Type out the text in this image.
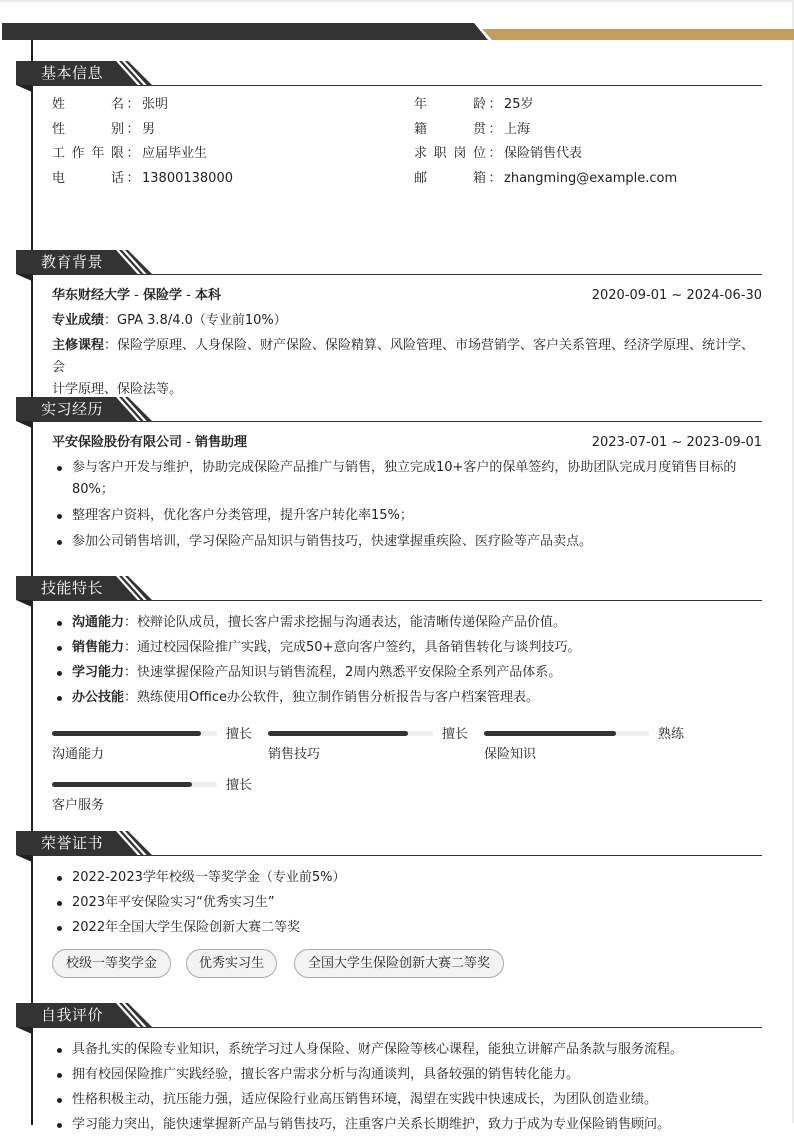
基本信息
姓名 ： 张明
性别 ： 男
工作年限 ： 应届毕业生
电话 ： 13800138000
年龄 ： 25岁
籍贯 ： 上海
求职岗位 ： 保险销售代表
邮箱 ： zhangming@example.com
教育背景
华东财经大学 - 保险学 - 本科	2020-09-01 ~ 2024-06-30
专业成绩：GPA 3.8/4.0（专业前10%）
主修课程：保险学原理、人身保险、财产保险、保险精算、风险管理、市场营销学、客户关系管理、经济学原理、统计学、会
计学原理、保险法等。
实习经历
平安保险股份有限公司 - 销售助理	2023-07-01 ~ 2023-09-01
参与客户开发与维护，协助完成保险产品推广与销售，独立完成10+客户的保单签约，协助团队完成月度销售目标的
80%；
整理客户资料，优化客户分类管理，提升客户转化率15%；
参加公司销售培训，学习保险产品知识与销售技巧，快速掌握重疾险、医疗险等产品卖点。
技能特长
沟通能力：校辩论队成员，擅长客户需求挖掘与沟通表达，能清晰传递保险产品价值。
销售能力：通过校园保险推广实践，完成50+意向客户签约，具备销售转化与谈判技巧。
学习能力：快速掌握保险产品知识与销售流程，2周内熟悉平安保险全系列产品体系。
办公技能：熟练使用Office办公软件，独立制作销售分析报告与客户档案管理表。
擅长
沟通能力
擅长
销售技巧
熟练
保险知识
擅长
客户服务
荣誉证书
2022-2023学年校级一等奖学金（专业前5%）
2023年平安保险实习“优秀实习生”
2022年全国大学生保险创新大赛二等奖
校级一等奖学金	优秀实习生	全国大学生保险创新大赛二等奖
自我评价
具备扎实的保险专业知识，系统学习过人身保险、财产保险等核心课程，能独立讲解产品条款与服务流程。
拥有校园保险推广实践经验，擅长客户需求分析与沟通谈判，具备较强的销售转化能力。
性格积极主动，抗压能力强，适应保险行业高压销售环境，渴望在实践中快速成长，为团队创造业绩。
学习能力突出，能快速掌握新产品与销售技巧，注重客户关系长期维护，致力于成为专业保险销售顾问。
